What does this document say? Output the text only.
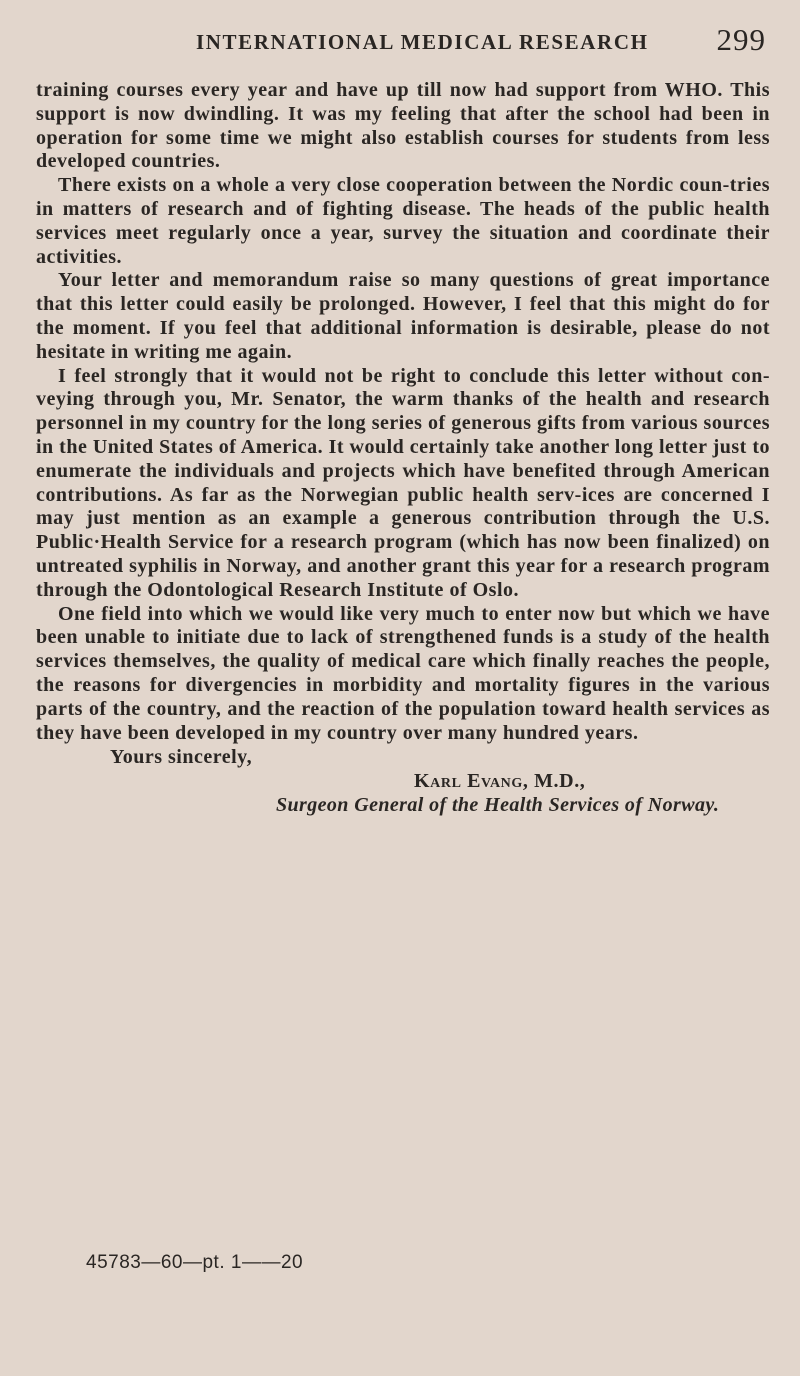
INTERNATIONAL MEDICAL RESEARCH 299

training courses every year and have up till now had support from WHO. This support is now dwindling. It was my feeling that after the school had been in operation for some time we might also establish courses for students from less developed countries.

There exists on a whole a very close cooperation between the Nordic coun-tries in matters of research and of fighting disease. The heads of the public health services meet regularly once a year, survey the situation and coordinate their activities.

Your letter and memorandum raise so many questions of great importance that this letter could easily be prolonged. However, I feel that this might do for the moment. If you feel that additional information is desirable, please do not hesitate in writing me again.

I feel strongly that it would not be right to conclude this letter without con-veying through you, Mr. Senator, the warm thanks of the health and research personnel in my country for the long series of generous gifts from various sources in the United States of America. It would certainly take another long letter just to enumerate the individuals and projects which have benefited through American contributions. As far as the Norwegian public health serv-ices are concerned I may just mention as an example a generous contribution through the U.S. Public·Health Service for a research program (which has now been finalized) on untreated syphilis in Norway, and another grant this year for a research program through the Odontological Research Institute of Oslo.

One field into which we would like very much to enter now but which we have been unable to initiate due to lack of strengthened funds is a study of the health services themselves, the quality of medical care which finally reaches the people, the reasons for divergencies in morbidity and mortality figures in the various parts of the country, and the reaction of the population toward health services as they have been developed in my country over many hundred years.

Yours sincerely,

Karl Evang, M.D.,

Surgeon General of the Health Services of Norway.

45783—60—pt. 1——20
